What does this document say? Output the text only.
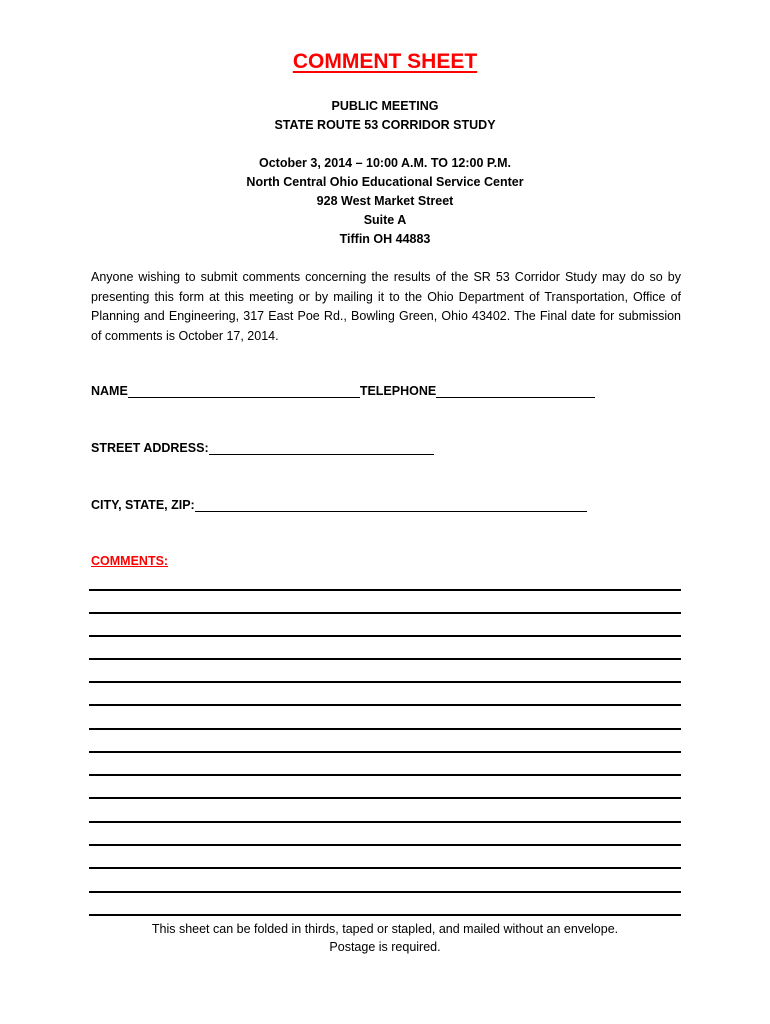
COMMENT SHEET
PUBLIC MEETING
STATE ROUTE 53 CORRIDOR STUDY
October 3, 2014 – 10:00 A.M. TO 12:00 P.M.
North Central Ohio Educational Service Center
928 West Market Street
Suite A
Tiffin OH 44883
Anyone wishing to submit comments concerning the results of the SR 53 Corridor Study may do so by presenting this form at this meeting or by mailing it to the Ohio Department of Transportation, Office of Planning and Engineering, 317 East Poe Rd., Bowling Green, Ohio 43402. The Final date for submission of comments is October 17, 2014.
NAME	TELEPHONE
STREET ADDRESS:
CITY, STATE, ZIP:
COMMENTS:
This sheet can be folded in thirds, taped or stapled, and mailed without an envelope.
Postage is required.
